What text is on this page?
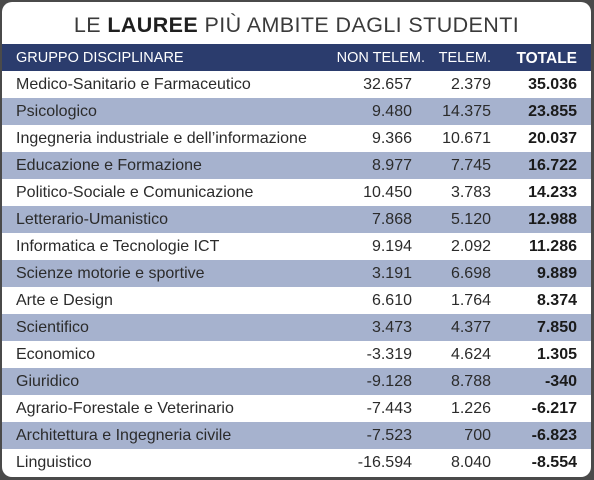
LE LAUREE PIÙ AMBITE DAGLI STUDENTI
GRUPPO DISCIPLINARE	NON TELEM. TELEM. TOTALE
Medico-Sanitario e Farmaceutico	32.657 2.379 35.036
Psicologico	9.480 14.375 23.855
Ingegneria industriale e dell’informazione	9.366 10.671 20.037
Educazione e Formazione	8.977 7.745 16.722
Politico-Sociale e Comunicazione	10.450 3.783 14.233
Letterario-Umanistico	7.868 5.120 12.988
Informatica e Tecnologie ICT	9.194 2.092 11.286
Scienze motorie e sportive	3.191 6.698	9.889
Arte e Design	6.610 1.764	8.374
Scientifico	3.473 4.377	7.850
Economico	-3.319 4.624	1.305
Giuridico	-9.128 8.788	-340
Agrario-Forestale e Veterinario	-7.443 1.226	-6.217
Architettura e Ingegneria civile	-7.523	700	-6.823
Linguistico	-16.594 8.040	-8.554
